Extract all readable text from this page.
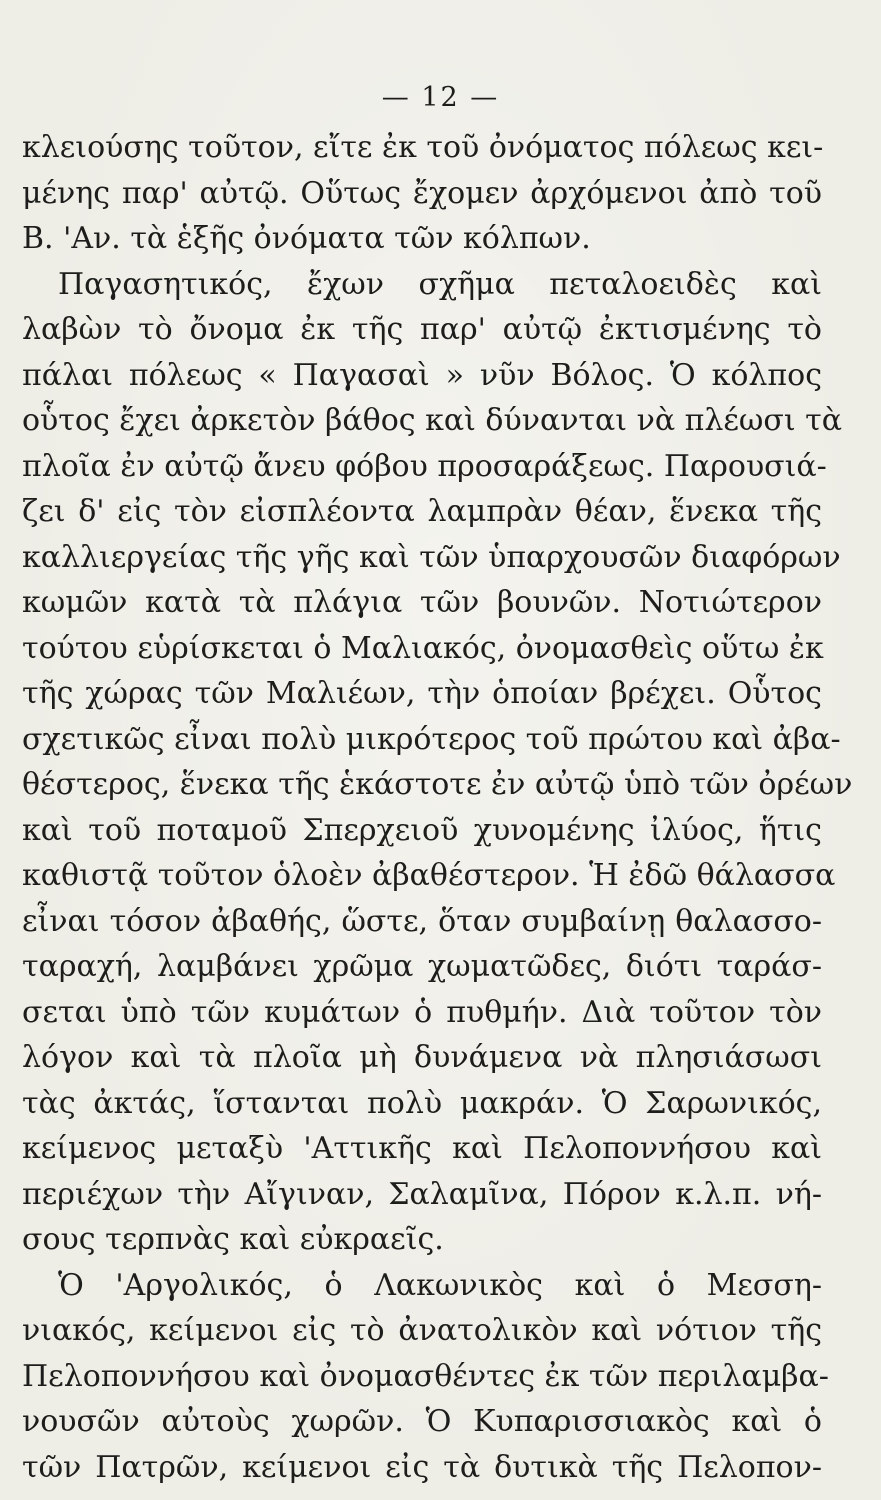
— 12 —
κλειούσης τοῦτον, εἴτε ἐκ τοῦ ὀνόματος πόλεως κει-
μένης παρ' αὐτῷ. Οὕτως ἔχομεν ἀρχόμενοι ἀπὸ τοῦ
Β. 'Αν. τὰ ἑξῆς ὀνόματα τῶν κόλπων.
Παγασητικός, ἔχων σχῆμα πεταλοειδὲς καὶ
λαβὼν τὸ ὄνομα ἐκ τῆς παρ' αὐτῷ ἐκτισμένης τὸ
πάλαι πόλεως « Παγασαὶ » νῦν Βόλος. Ὁ κόλπος
οὗτος ἔχει ἀρκετὸν βάθος καὶ δύνανται νὰ πλέωσι τὰ
πλοῖα ἐν αὐτῷ ἄνευ φόβου προσαράξεως. Παρουσιά-
ζει δ' εἰς τὸν εἰσπλέοντα λαμπρὰν θέαν, ἕνεκα τῆς
καλλιεργείας τῆς γῆς καὶ τῶν ὑπαρχουσῶν διαφόρων
κωμῶν κατὰ τὰ πλάγια τῶν βουνῶν. Νοτιώτερον
τούτου εὑρίσκεται ὁ Μαλιακός, ὀνομασθεὶς οὕτω ἐκ
τῆς χώρας τῶν Μαλιέων, τὴν ὁποίαν βρέχει. Οὗτος
σχετικῶς εἶναι πολὺ μικρότερος τοῦ πρώτου καὶ ἀβα-
θέστερος, ἕνεκα τῆς ἑκάστοτε ἐν αὐτῷ ὑπὸ τῶν ὀρέων
καὶ τοῦ ποταμοῦ Σπερχειοῦ χυνομένης ἰλύος, ἥτις
καθιστᾷ τοῦτον ὁλοὲν ἀβαθέστερον. Ἡ ἐδῶ θάλασσα
εἶναι τόσον ἀβαθής, ὥστε, ὅταν συμβαίνῃ θαλασσο-
ταραχή, λαμβάνει χρῶμα χωματῶδες, διότι ταράσ-
σεται ὑπὸ τῶν κυμάτων ὁ πυθμήν. Διὰ τοῦτον τὸν
λόγον καὶ τὰ πλοῖα μὴ δυνάμενα νὰ πλησιάσωσι
τὰς ἀκτάς, ἵστανται πολὺ μακράν. Ὁ Σαρωνικός,
κείμενος μεταξὺ 'Αττικῆς καὶ Πελοποννήσου καὶ
περιέχων τὴν Αἴγιναν, Σαλαμῖνα, Πόρον κ.λ.π. νή-
σους τερπνὰς καὶ εὐκραεῖς.
Ὁ 'Αργολικός, ὁ Λακωνικὸς καὶ ὁ Μεσση-
νιακός, κείμενοι εἰς τὸ ἀνατολικὸν καὶ νότιον τῆς
Πελοποννήσου καὶ ὀνομασθέντες ἐκ τῶν περιλαμβα-
νουσῶν αὐτοὺς χωρῶν. Ὁ Κυπαρισσιακὸς καὶ ὁ
τῶν Πατρῶν, κείμενοι εἰς τὰ δυτικὰ τῆς Πελοπον-
